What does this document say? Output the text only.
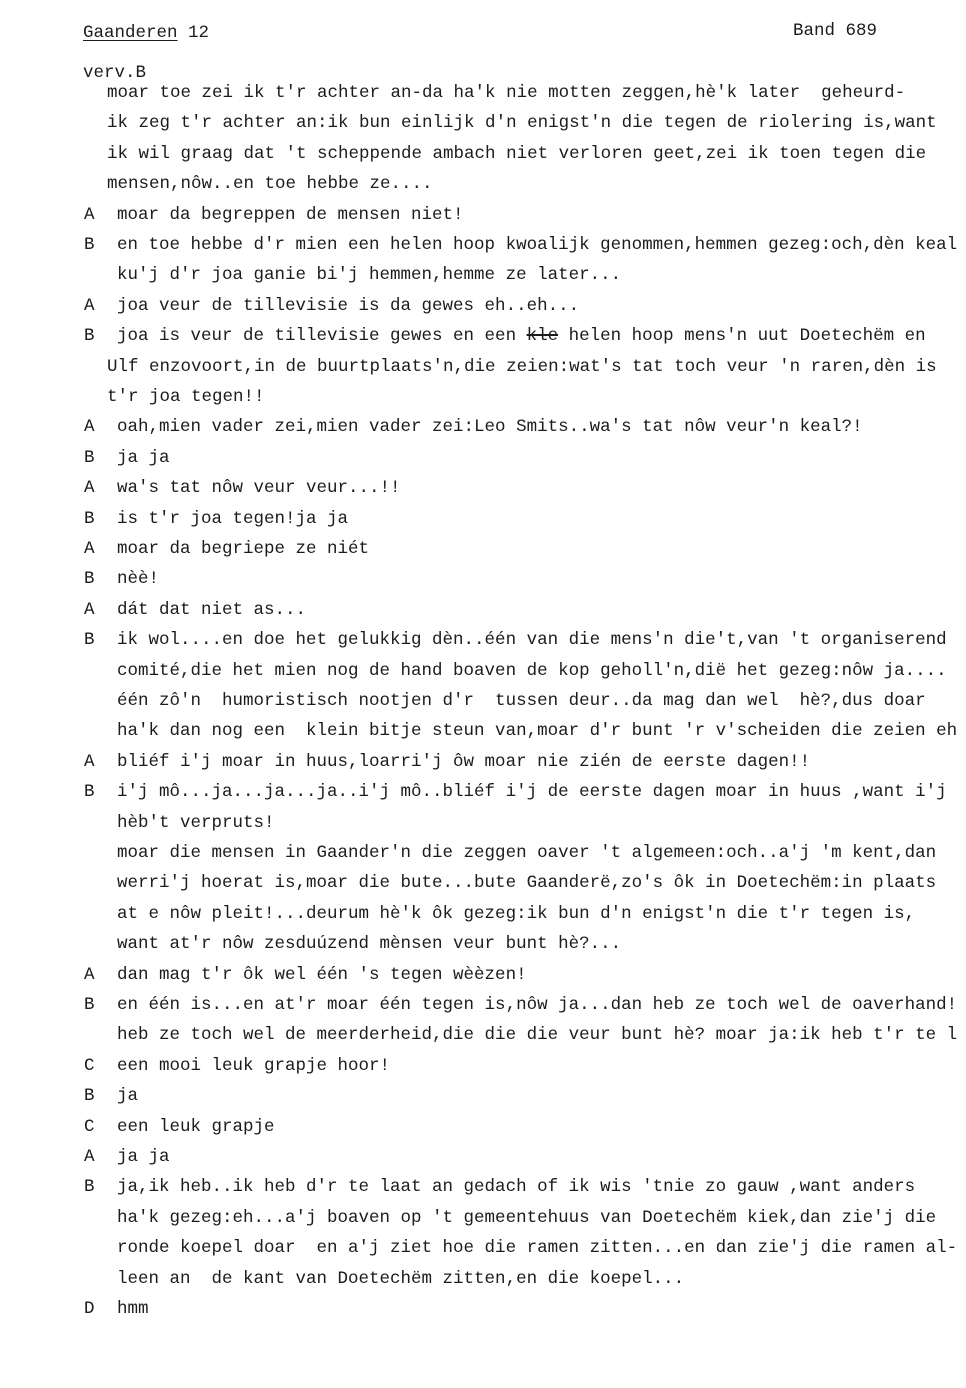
Gaanderen 12	Band 689
verv.B
moar toe zei ik t'r achter an-da ha'k nie motten zeggen,hè'k later  geheurd-
ik zeg t'r achter an:ik bun einlijk d'n enigst'n die tegen de riolering is,want
ik wil graag dat 't scheppende ambach niet verloren geet,zei ik toen tegen die
mensen,nôw..en toe hebbe ze....
A moar da begreppen de mensen niet!
B en toe hebbe d'r mien een helen hoop kwoalijk genommen,hemmen gezeg:och,dèn keal
ku'j d'r joa ganie bi'j hemmen,hemme ze later...
A joa veur de tillevisie is da gewes eh..eh...
B joa is veur de tillevisie gewes en een kle helen hoop mens'n uut Doetechëm en
Ulf enzovoort,in de buurtplaats'n,die zeien:wat's tat toch veur 'n raren,dèn is
t'r joa tegen!!
A oah,mien vader zei,mien vader zei:Leo Smits..wa's tat nôw veur'n keal?!
B ja ja
A wa's tat nôw veur veur...!!
B is t'r joa tegen!ja ja
A moar da begriepe ze niét
B nèè!
A dát dat niet as...
B ik wol....en doe het gelukkig dèn..één van die mens'n die't,van 't organiserend
comité,die het mien nog de hand boaven de kop geholl'n,dië het gezeg:nôw ja....
één zô'n  humoristisch nootjen d'r  tussen deur..da mag dan wel  hè?,dus doar
ha'k dan nog een  klein bitje steun van,moar d'r bunt 'r v'scheiden die zeien eh
A bliéf i'j moar in huus,loarri'j ôw moar nie zién de eerste dagen!!
B i'j mô...ja...ja...ja..i'j mô..bliéf i'j de eerste dagen moar in huus ,want i'j
hèb't verpruts!
moar die mensen in Gaander'n die zeggen oaver 't algemeen:och..a'j 'm kent,dan
werri'j hoerat is,moar die bute...bute Gaanderë,zo's ôk in Doetechëm:in plaats
at e nôw pleit!...deurum hè'k ôk gezeg:ik bun d'n enigst'n die t'r tegen is,
want at'r nôw zesduúzend mènsen veur bunt hè?...
A dan mag t'r ôk wel één 's tegen wèèzen!
B en één is...en at'r moar één tegen is,nôw ja...dan heb ze toch wel de oaverhand!
heb ze toch wel de meerderheid,die die die veur bunt hè? moar ja:ik heb t'r te l
C een mooi leuk grapje hoor!
B ja
C een leuk grapje
A ja ja
B ja,ik heb..ik heb d'r te laat an gedach of ik wis 'tnie zo gauw ,want anders
ha'k gezeg:eh...a'j boaven op 't gemeentehuus van Doetechëm kiek,dan zie'j die
ronde koepel doar  en a'j ziet hoe die ramen zitten...en dan zie'j die ramen al-
leen an  de kant van Doetechëm zitten,en die koepel...
D hmm
